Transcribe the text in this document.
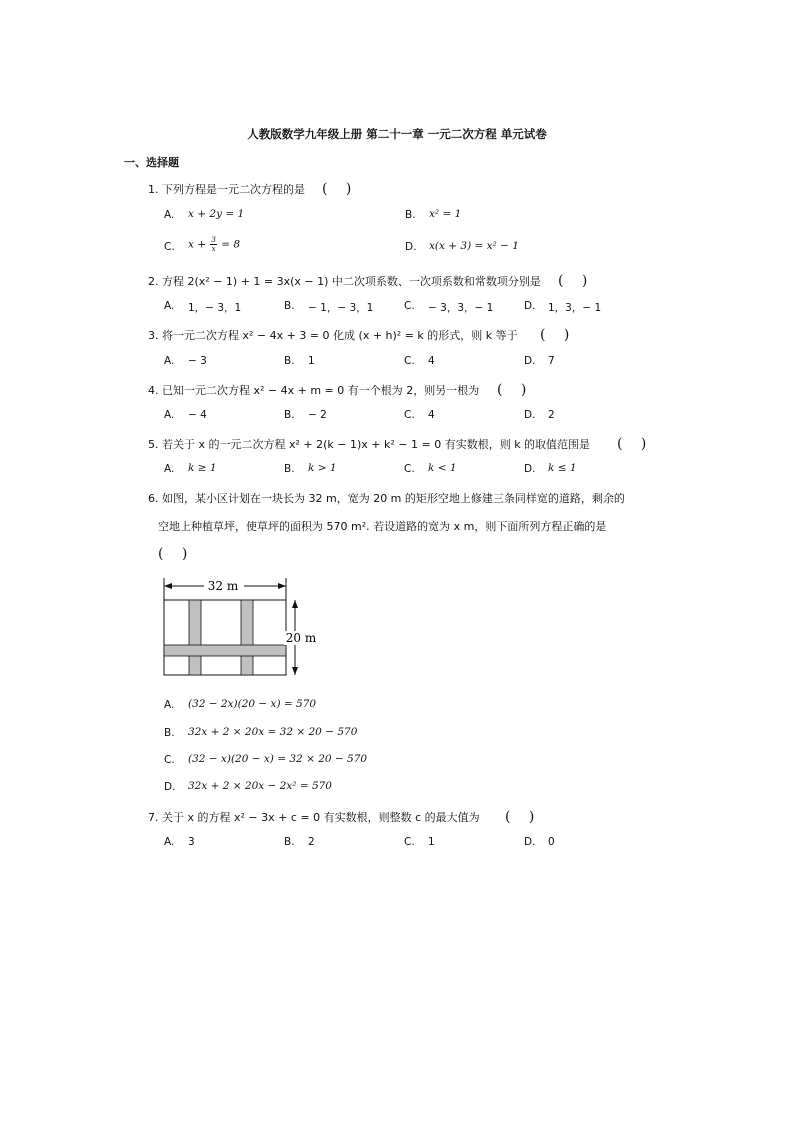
人教版数学九年级上册 第二十一章 一元二次方程 单元试卷
一、选择题
1. 下列方程是一元二次方程的是 (　 )
A. x + 2y = 1	B. x² = 1
C. $x + \frac{3}{x} = 8$	D. x(x + 3) = x² − 1
2. 方程 2(x² − 1) + 1 = 3x(x − 1) 中二次项系数、一次项系数和常数项分别是 (　 )
A. 1，− 3，1	B. − 1，− 3，1	C. − 3，3，− 1	D. 1，3，− 1
3. 将一元二次方程 x² − 4x + 3 = 0 化成 (x + h)² = k 的形式，则 k 等于 (　 )
A. − 3	B. 1	C. 4	D. 7
4. 已知一元二次方程 x² − 4x + m = 0 有一个根为 2，则另一根为 (　 )
A. − 4	B. − 2	C. 4	D. 2
5. 若关于 x 的一元二次方程 x² + 2(k − 1)x + k² − 1 = 0 有实数根，则 k 的取值范围是 (　 )
A. k ≥ 1	B. k > 1	C. k < 1	D. k ≤ 1
6. 如图，某小区计划在一块长为 32 m，宽为 20 m 的矩形空地上修建三条同样宽的道路，剩余的
空地上种植草坪，使草坪的面积为 570 m². 若设道路的宽为 x m，则下面所列方程正确的是
(　 )
32 m
20 m
A. (32 − 2x)(20 − x) = 570
B. 32x + 2 × 20x = 32 × 20 − 570
C. (32 − x)(20 − x) = 32 × 20 − 570
D. 32x + 2 × 20x − 2x² = 570
7. 关于 x 的方程 x² − 3x + c = 0 有实数根，则整数 c 的最大值为 (　 )
A. 3	B. 2	C. 1	D. 0
